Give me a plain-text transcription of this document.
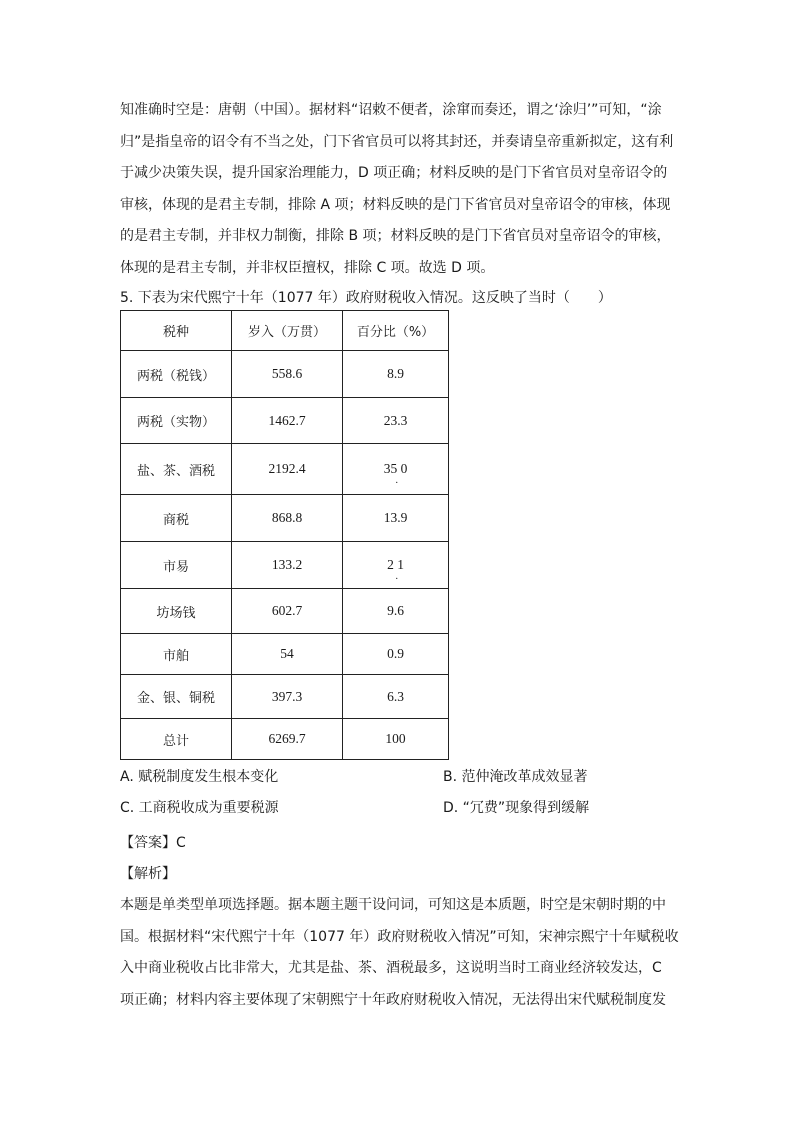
知准确时空是：唐朝（中国）。据材料“诏敕不便者，涂窜而奏还，谓之‘涂归’”可知，“涂

归”是指皇帝的诏令有不当之处，门下省官员可以将其封还，并奏请皇帝重新拟定，这有利

于减少决策失误，提升国家治理能力，D 项正确；材料反映的是门下省官员对皇帝诏令的

审核，体现的是君主专制，排除 A 项；材料反映的是门下省官员对皇帝诏令的审核，体现

的是君主专制，并非权力制衡，排除 B 项；材料反映的是门下省官员对皇帝诏令的审核，

体现的是君主专制，并非权臣擅权，排除 C 项。故选 D 项。

5. 下表为宋代熙宁十年（1077 年）政府财税收入情况。这反映了当时（　　）

税种	岁入（万贯）	百分比（%）
两税（税钱）	558.6	8.9
两税（实物）	1462.7	23.3
盐、茶、酒税	2192.4	35 0
.

商税	868.8	13.9
市易	133.2	2 1
.

坊场钱	602.7	9.6
市舶	54	0.9
金、银、铜税	397.3	6.3
总计	6269.7	100
A. 赋税制度发生根本变化	B. 范仲淹改革成效显著
C. 工商税收成为重要税源	D. “冗费”现象得到缓解

【答案】C

【解析】

本题是单类型单项选择题。据本题主题干设问词，可知这是本质题，时空是宋朝时期的中

国。根据材料“宋代熙宁十年（1077 年）政府财税收入情况”可知，宋神宗熙宁十年赋税收

入中商业税收占比非常大，尤其是盐、茶、酒税最多，这说明当时工商业经济较发达，C

项正确；材料内容主要体现了宋朝熙宁十年政府财税收入情况，无法得出宋代赋税制度发
